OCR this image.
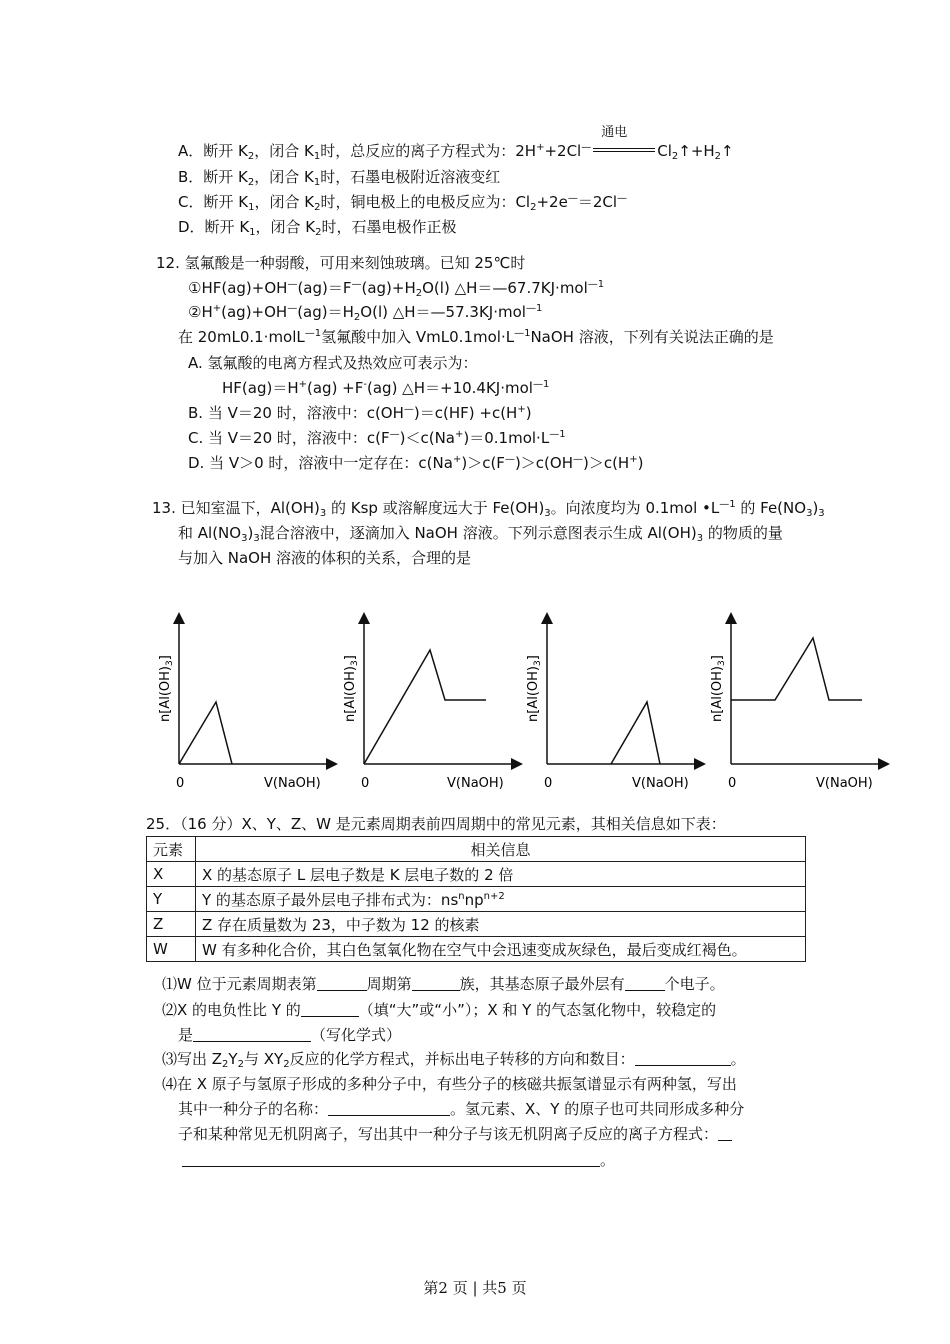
A．断开 $K_2$，闭合 $K_1$时，总反应的离子方程式为：2H++2Cl—
通电
$Cl_2↑+H_2↑$
B．断开 $K_2$，闭合 $K_1$时，石墨电极附近溶液变红
C．断开 $K_1$，闭合 $K_2$时，铜电极上的电极反应为：$Cl_2+2e^—=2Cl^—$
D．断开 $K_1$，闭合 $K_2$时，石墨电极作正极
12. 氢氟酸是一种弱酸，可用来刻蚀玻璃。已知 25℃时
$①HF(ag)+OH^—(ag)=F^—(ag)+H_2O(l)$ △H＝—67.7KJ·mol$^{—1}$
$②H^+(ag)+OH^—(ag)=H_2O(l)$ △H＝—57.3KJ·mol$^{—1}$
在 20mL0.1·molL$^{—1}$氢氟酸中加入 $VmL0.1mol\cdot L^{—1}NaOH$ 溶液，下列有关说法正确的是
A. 氢氟酸的电离方程式及热效应可表示为：
HF(ag)＝H+(ag) +F-(ag) △H＝+10.4KJ·mol$^{—1}$
B. 当 V＝20 时，溶液中：c(OH—)＝c(HF) +c(H+)
C. 当 V＝20 时，溶液中：$c(F^—)<c(Na^+)=0.1mol\cdot L^{—1}$
D. 当 V＞0 时，溶液中一定存在：c(Na+)＞c(F—)＞c(OH—)＞c(H+)
13. 已知室温下，$Al(OH)_3$ 的 Ksp 或溶解度远大于 $Fe(OH)_3$。向浓度均为 0.1mol $•L^{—1}$ 的 $Fe(NO_3)_3$
和 $Al(NO_3)_3$混合溶液中，逐滴加入 NaOH 溶液。下列示意图表示生成 $Al(OH)_3$ 的物质的量
与加入 NaOH 溶液的体积的关系，合理的是
$n[Al(OH)_3]$
0	V(NaOH)
$n[Al(OH)_3]$
0	V(NaOH)
$n[Al(OH)_3]$
0	V(NaOH)
$n[Al(OH)_3]$
0	V(NaOH)
25．（16 分）X、Y、Z、W 是元素周期表前四周期中的常见元素，其相关信息如下表：
元素	相关信息
X	X 的基态原子 L 层电子数是 K 层电子数的 2 倍
Y	Y 的基态原子最外层电子排布式为：$ns^nnp^{n+2}$
Z	Z 存在质量数为 23，中子数为 12 的核素
W	W 有多种化合价，其白色氢氧化物在空气中会迅速变成灰绿色，最后变成红褐色。
⑴W 位于元素周期表第	周期第	族，其基态原子最外层有	个电子。
⑵X 的电负性比 Y 的	（填“大”或“小”）；X 和 Y 的气态氢化物中，较稳定的
是	（写化学式）
⑶写出 $Z_2Y_2$与 $XY_2$反应的化学方程式，并标出电子转移的方向和数目：	。
⑷在 X 原子与氢原子形成的多种分子中，有些分子的核磁共振氢谱显示有两种氢，写出
其中一种分子的名称：	。氢元素、X、Y 的原子也可共同形成多种分
子和某种常见无机阴离子，写出其中一种分子与该无机阴离子反应的离子方程式：
。
第2 页 | 共5 页
